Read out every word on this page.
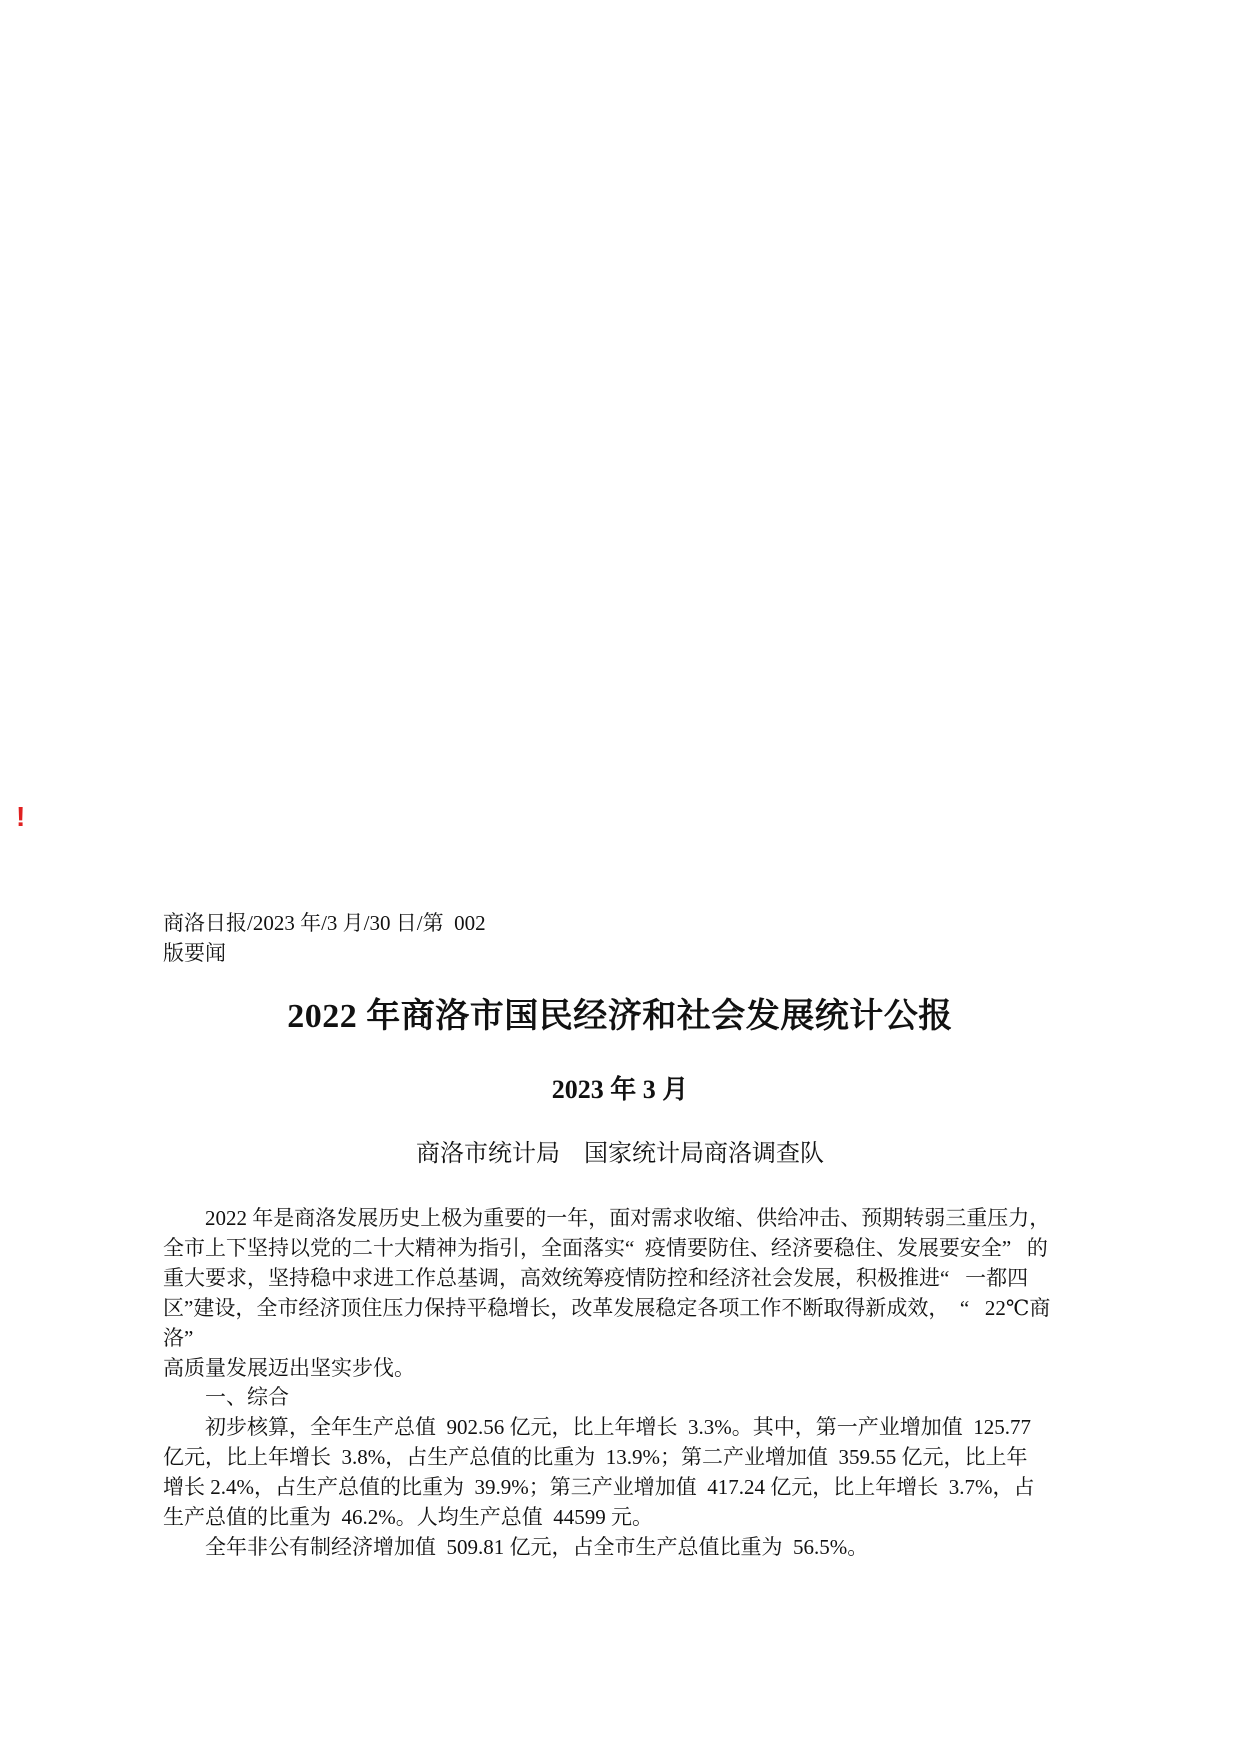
!
商洛日报/2023 年/3 月/30 日/第  002
版要闻
2022 年商洛市国民经济和社会发展统计公报
2023 年 3 月
商洛市统计局    国家统计局商洛调查队
2022 年是商洛发展历史上极为重要的一年，面对需求收缩、供给冲击、预期转弱三重压力，
全市上下坚持以党的二十大精神为指引，全面落实“  疫情要防住、经济要稳住、发展要安全”   的
重大要求，坚持稳中求进工作总基调，高效统筹疫情防控和经济社会发展，积极推进“   一都四
区”建设，全市经济顶住压力保持平稳增长，改革发展稳定各项工作不断取得新成效，  “   22℃商
洛”
高质量发展迈出坚实步伐。
一、综合
初步核算，全年生产总值  902.56 亿元，比上年增长  3.3%。其中，第一产业增加值  125.77
亿元，比上年增长  3.8%，占生产总值的比重为  13.9%；第二产业增加值  359.55 亿元，比上年
增长 2.4%，占生产总值的比重为  39.9%；第三产业增加值  417.24 亿元，比上年增长  3.7%，占
生产总值的比重为  46.2%。人均生产总值  44599 元。
全年非公有制经济增加值  509.81 亿元，占全市生产总值比重为  56.5%。
